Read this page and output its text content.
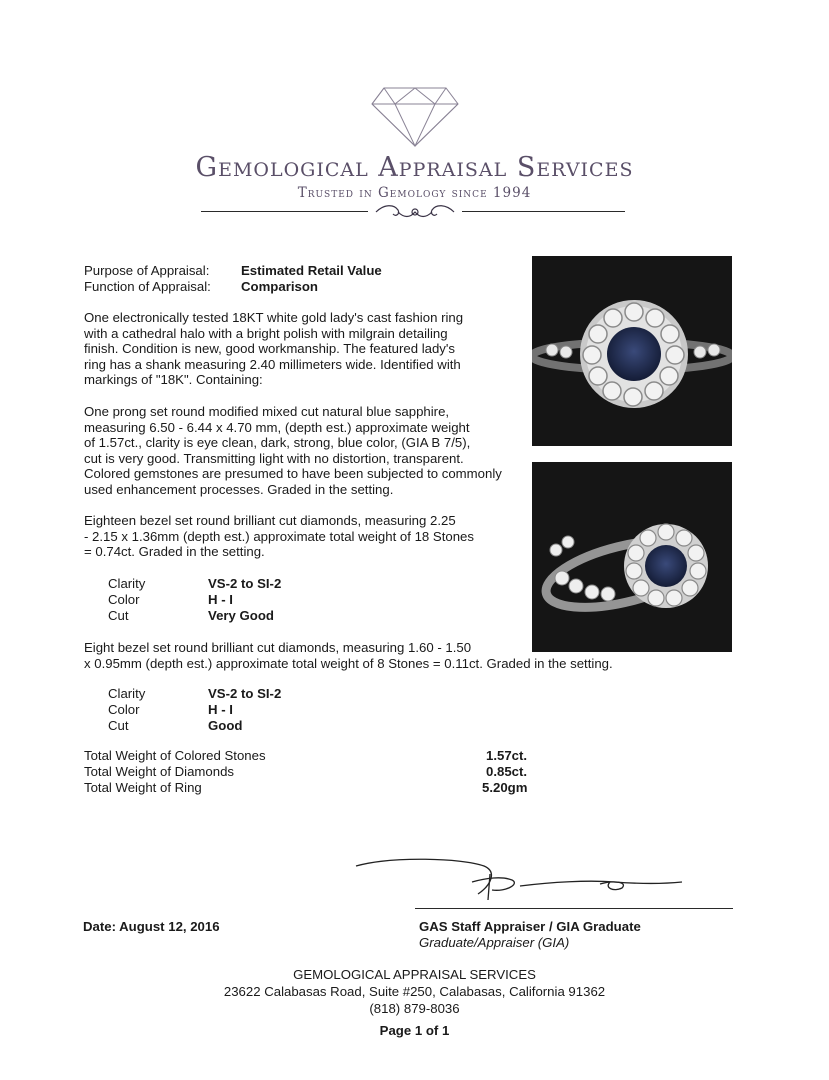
Gemological Appraisal Services
Trusted in Gemology since 1994
Purpose of Appraisal: Estimated Retail Value
Function of Appraisal: Comparison
One electronically tested 18KT white gold lady's cast fashion ring
with a cathedral halo with a bright polish with milgrain detailing
finish. Condition is new, good workmanship. The featured lady's
ring has a shank measuring 2.40 millimeters wide. Identified with
markings of "18K". Containing:
One prong set round modified mixed cut natural blue sapphire,
measuring 6.50 - 6.44 x 4.70 mm, (depth est.) approximate weight
of 1.57ct., clarity is eye clean, dark, strong, blue color, (GIA B 7/5),
cut is very good. Transmitting light with no distortion, transparent.
Colored gemstones are presumed to have been subjected to commonly
used enhancement processes. Graded in the setting.
Eighteen bezel set round brilliant cut diamonds, measuring 2.25
- 2.15 x 1.36mm (depth est.) approximate total weight of 18 Stones
= 0.74ct. Graded in the setting.
Clarity	VS-2 to SI-2
Color	H - I
Cut	Very Good
Eight bezel set round brilliant cut diamonds, measuring 1.60 - 1.50
x 0.95mm (depth est.) approximate total weight of 8 Stones = 0.11ct. Graded in the setting.
Clarity	VS-2 to SI-2
Color	H - I
Cut	Good
Total Weight of Colored Stones	1.57ct.
Total Weight of Diamonds	0.85ct.
Total Weight of Ring	5.20gm
Date: August 12, 2016	GAS Staff Appraiser / GIA Graduate
Graduate/Appraiser (GIA)
GEMOLOGICAL APPRAISAL SERVICES
23622 Calabasas Road, Suite #250, Calabasas, California 91362
(818) 879-8036
Page 1 of 1
